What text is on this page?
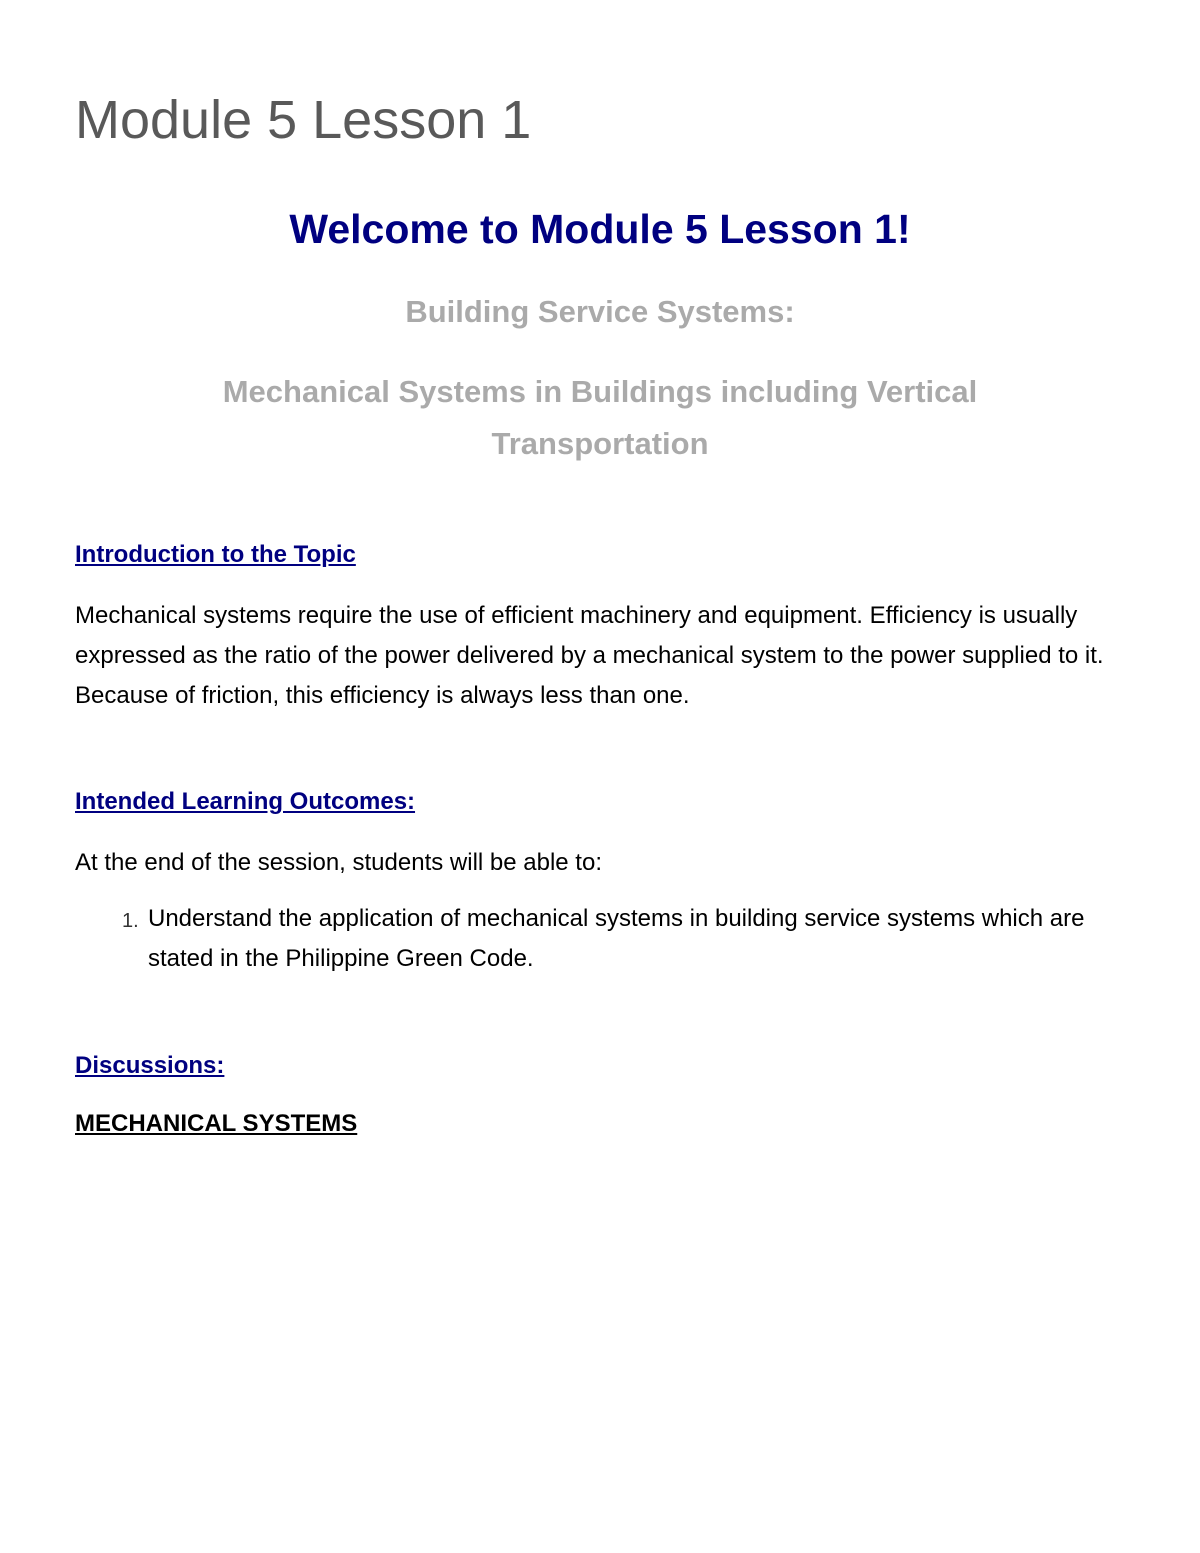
Module 5 Lesson 1
Welcome to Module 5 Lesson 1!

Building Service Systems:

Mechanical Systems in Buildings including Vertical Transportation

Introduction to the Topic

Mechanical systems require the use of efficient machinery and equipment. Efficiency is usually expressed as the ratio of the power delivered by a mechanical system to the power supplied to it. Because of friction, this efficiency is always less than one.

Intended Learning Outcomes:

At the end of the session, students will be able to:

1. Understand the application of mechanical systems in building service systems which are stated in the Philippine Green Code.
Discussions:
MECHANICAL SYSTEMS
